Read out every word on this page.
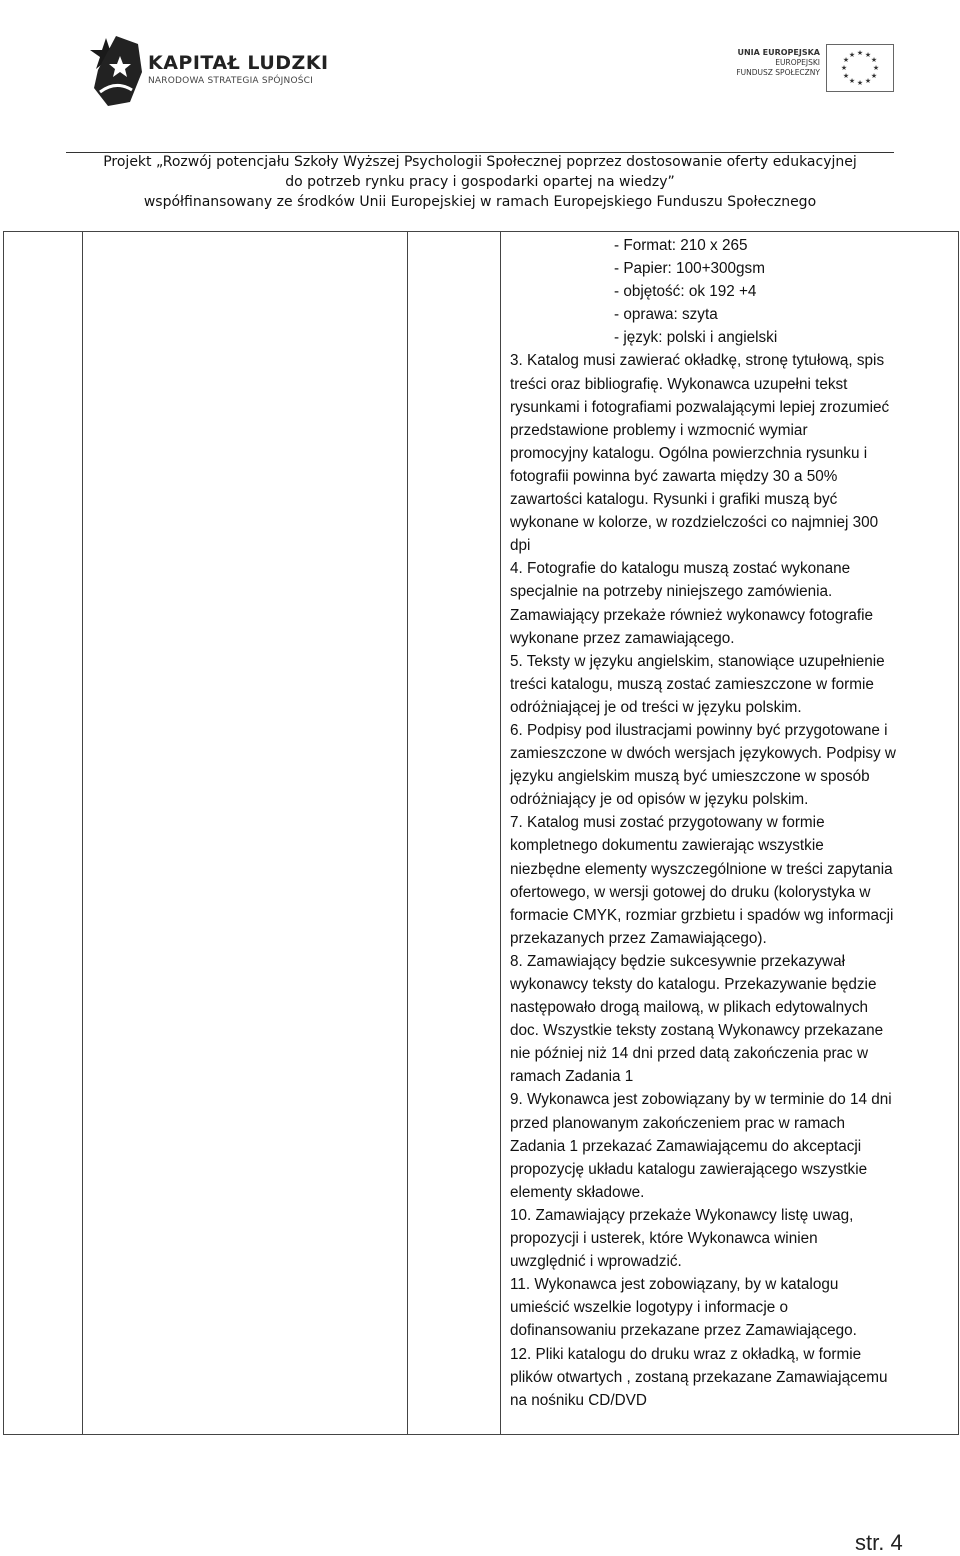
KAPITAŁ LUDZKI
NARODOWA STRATEGIA SPÓJNOŚCI
UNIA EUROPEJSKA
EUROPEJSKI
FUNDUSZ SPOŁECZNY
★ ★
★
★
★
★
★
★
★
★
★
★

Projekt „Rozwój potencjału Szkoły Wyższej Psychologii Społecznej poprzez dostosowanie oferty edukacyjnej

do potrzeb rynku pracy i gospodarki opartej na wiedzy”

współfinansowany ze środków Unii Europejskiej w ramach Europejskiego Funduszu Społecznego

- Format: 210 x 265
- Papier: 100+300gsm
- objętość: ok 192 +4
- oprawa: szyta
- język: polski i angielski
3. Katalog musi zawierać okładkę, stronę tytułową, spis
treści oraz bibliografię. Wykonawca uzupełni tekst
rysunkami i fotografiami pozwalającymi lepiej zrozumieć
przedstawione problemy i wzmocnić wymiar
promocyjny katalogu. Ogólna powierzchnia rysunku i
fotografii powinna być zawarta między 30 a 50%
zawartości katalogu. Rysunki i grafiki muszą być
wykonane w kolorze, w rozdzielczości co najmniej 300
dpi
4. Fotografie do katalogu muszą zostać wykonane
specjalnie na potrzeby niniejszego zamówienia.
Zamawiający przekaże również wykonawcy fotografie
wykonane przez zamawiającego.
5. Teksty w języku angielskim, stanowiące uzupełnienie
treści katalogu, muszą zostać zamieszczone w formie
odróżniającej je od treści w języku polskim.
6. Podpisy pod ilustracjami powinny być przygotowane i
zamieszczone w dwóch wersjach językowych. Podpisy w
języku angielskim muszą być umieszczone w sposób
odróżniający je od opisów w języku polskim.
7. Katalog musi zostać przygotowany w formie
kompletnego dokumentu zawierając wszystkie
niezbędne elementy wyszczególnione w treści zapytania
ofertowego, w wersji gotowej do druku (kolorystyka w
formacie CMYK, rozmiar grzbietu i spadów wg informacji
przekazanych przez Zamawiającego).
8. Zamawiający będzie sukcesywnie przekazywał
wykonawcy teksty do katalogu. Przekazywanie będzie
następowało drogą mailową, w plikach edytowalnych
doc. Wszystkie teksty zostaną Wykonawcy przekazane
nie później niż 14 dni przed datą zakończenia prac w
ramach Zadania 1
9. Wykonawca jest zobowiązany by w terminie do 14 dni
przed planowanym zakończeniem prac w ramach
Zadania 1 przekazać Zamawiającemu do akceptacji
propozycję układu katalogu zawierającego wszystkie
elementy składowe.
10. Zamawiający przekaże Wykonawcy listę uwag,
propozycji i usterek, które Wykonawca winien
uwzględnić i wprowadzić.
11. Wykonawca jest zobowiązany, by w katalogu
umieścić wszelkie logotypy i informacje o
dofinansowaniu przekazane przez Zamawiającego.
12. Pliki katalogu do druku wraz z okładką, w formie
plików otwartych , zostaną przekazane Zamawiającemu
na nośniku CD/DVD
str. 4
